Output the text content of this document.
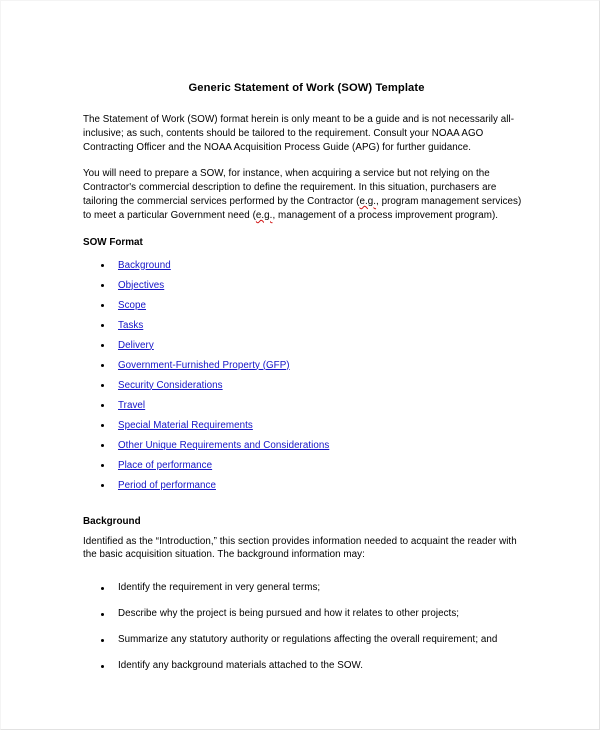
Generic Statement of Work (SOW) Template

The Statement of Work (SOW) format herein is only meant to be a guide and is not necessarily all-inclusive; as such, contents should be tailored to the requirement. Consult your NOAA AGO Contracting Officer and the NOAA Acquisition Process Guide (APG) for further guidance.

You will need to prepare a SOW, for instance, when acquiring a service but not relying on the Contractor's commercial description to define the requirement. In this situation, purchasers are tailoring the commercial services performed by the Contractor (e.g., program management services) to meet a particular Government need (e.g., management of a process improvement program).

SOW Format
Background
Objectives
Scope
Tasks
Delivery
Government-Furnished Property (GFP)
Security Considerations
Travel
Special Material Requirements
Other Unique Requirements and Considerations
Place of performance
Period of performance
Background

Identified as the “Introduction,” this section provides information needed to acquaint the reader with the basic acquisition situation. The background information may:

Identify the requirement in very general terms;
Describe why the project is being pursued and how it relates to other projects;
Summarize any statutory authority or regulations affecting the overall requirement; and
Identify any background materials attached to the SOW.
